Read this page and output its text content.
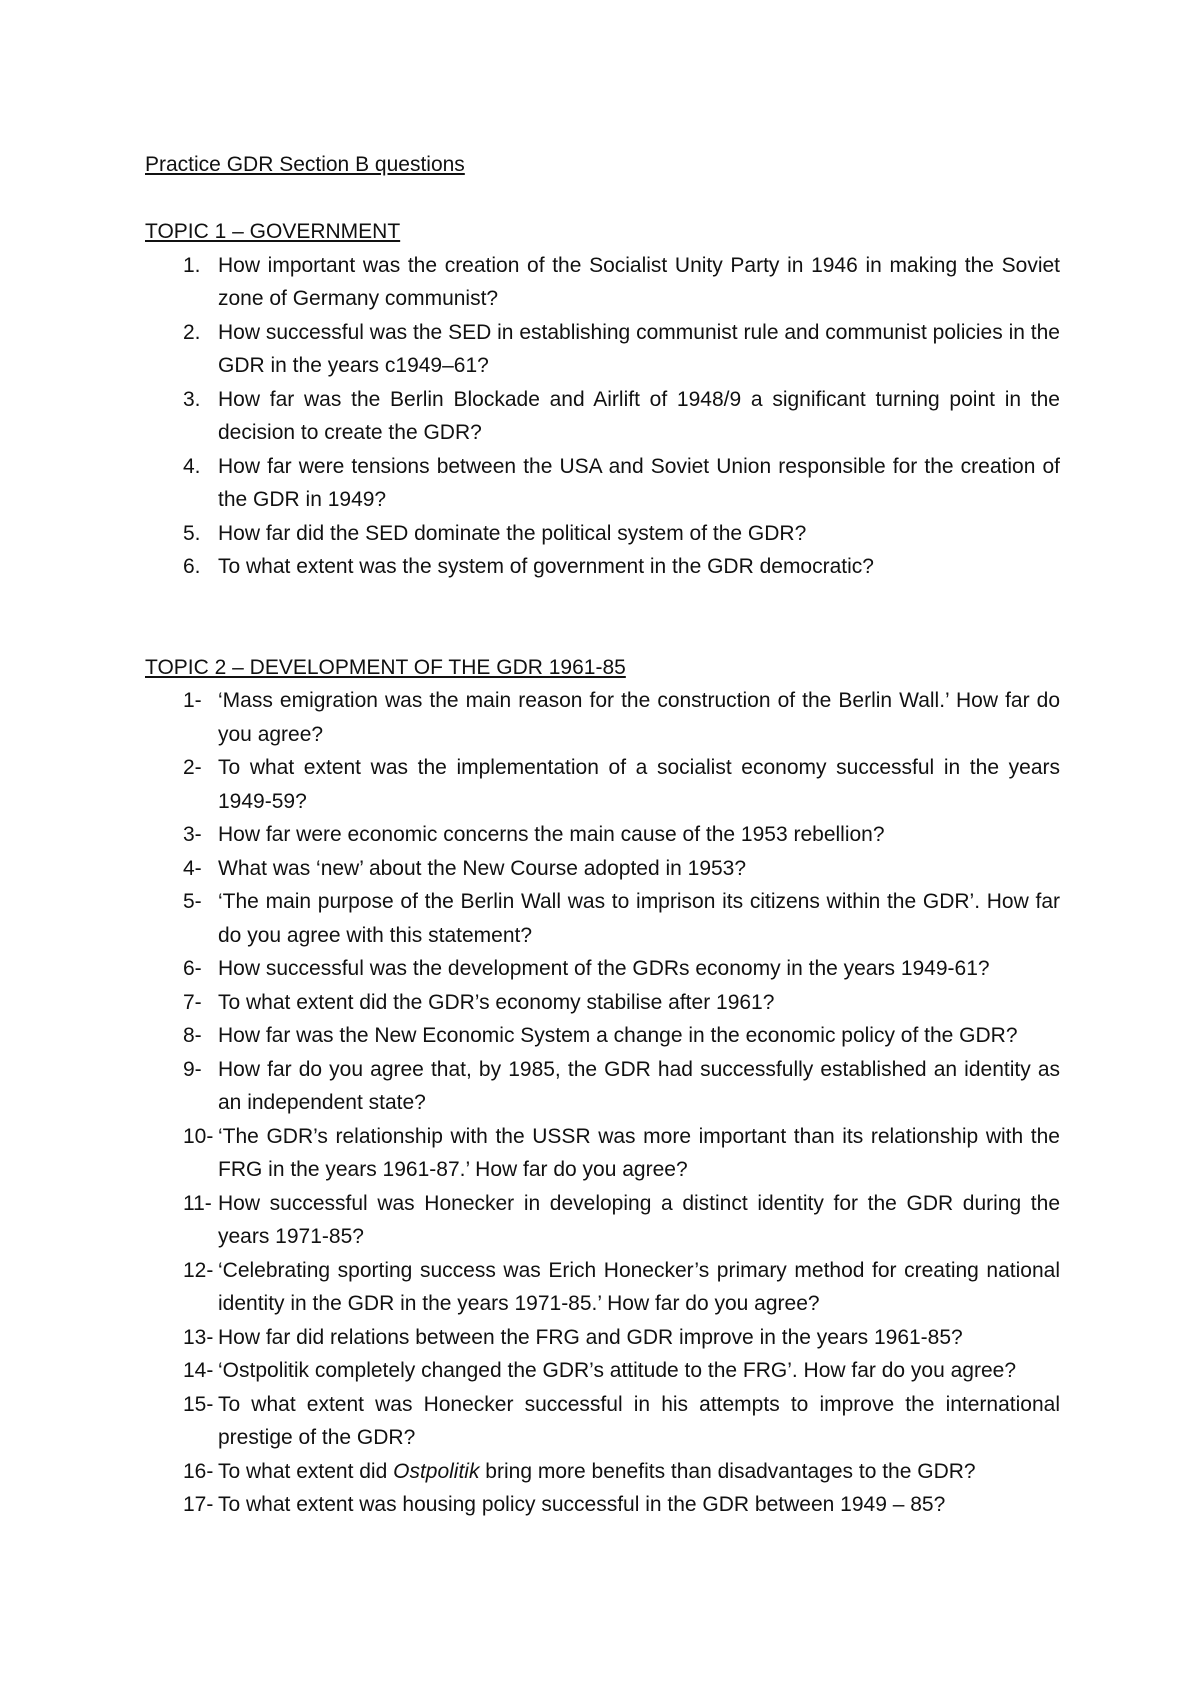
Practice GDR Section B questions

TOPIC 1 – GOVERNMENT

1. How important was the creation of the Socialist Unity Party in 1946 in making the Soviet zone of Germany communist?
2. How successful was the SED in establishing communist rule and communist policies in the GDR in the years c1949–61?
3. How far was the Berlin Blockade and Airlift of 1948/9 a significant turning point in the decision to create the GDR?
4. How far were tensions between the USA and Soviet Union responsible for the creation of the GDR in 1949?
5. How far did the SED dominate the political system of the GDR?
6. To what extent was the system of government in the GDR democratic?

TOPIC 2 – DEVELOPMENT OF THE GDR 1961-85

1- ‘Mass emigration was the main reason for the construction of the Berlin Wall.’ How far do you agree?
2- To what extent was the implementation of a socialist economy successful in the years 1949-59?
3- How far were economic concerns the main cause of the 1953 rebellion?
4- What was ‘new’ about the New Course adopted in 1953?
5- ‘The main purpose of the Berlin Wall was to imprison its citizens within the GDR’. How far do you agree with this statement?
6- How successful was the development of the GDRs economy in the years 1949-61?
7- To what extent did the GDR’s economy stabilise after 1961?
8- How far was the New Economic System a change in the economic policy of the GDR?
9- How far do you agree that, by 1985, the GDR had successfully established an identity as an independent state?
10- ‘The GDR’s relationship with the USSR was more important than its relationship with the FRG in the years 1961-87.’ How far do you agree?
11- How successful was Honecker in developing a distinct identity for the GDR during the years 1971-85?
12- ‘Celebrating sporting success was Erich Honecker’s primary method for creating national identity in the GDR in the years 1971-85.’ How far do you agree?
13- How far did relations between the FRG and GDR improve in the years 1961-85?
14- ‘Ostpolitik completely changed the GDR’s attitude to the FRG’. How far do you agree?
15- To what extent was Honecker successful in his attempts to improve the international prestige of the GDR?
16- To what extent did Ostpolitik bring more benefits than disadvantages to the GDR?
17- To what extent was housing policy successful in the GDR between 1949 – 85?
